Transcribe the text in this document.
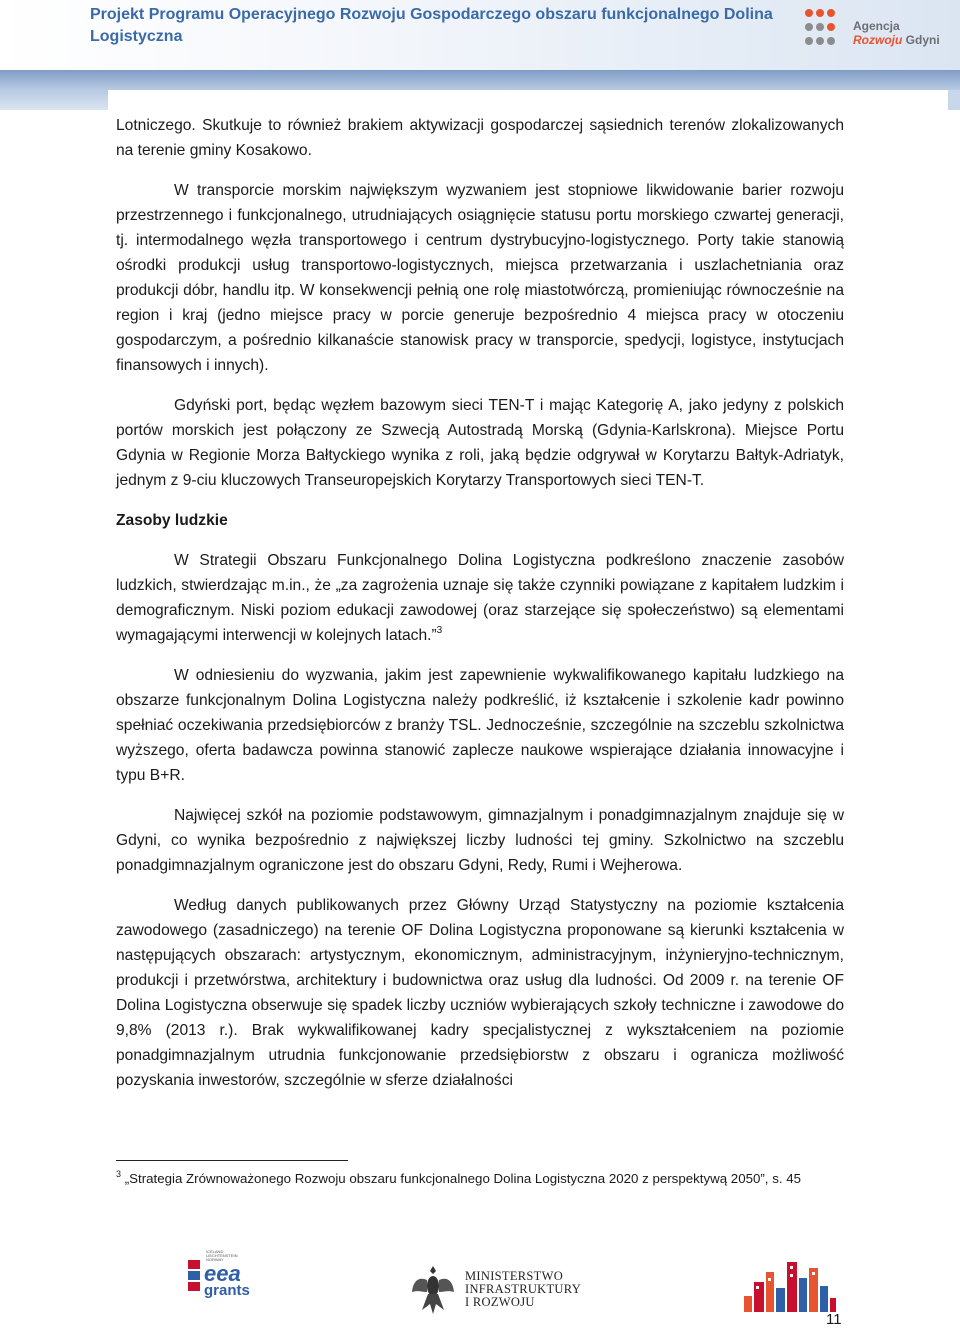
Projekt Programu Operacyjnego Rozwoju Gospodarczego obszaru funkcjonalnego Dolina Logistyczna
Agencja
Rozwoju Gdyni

Lotniczego. Skutkuje to również brakiem aktywizacji gospodarczej sąsiednich terenów zlokalizowanych na terenie gminy Kosakowo.

W transporcie morskim największym wyzwaniem jest stopniowe likwidowanie barier rozwoju przestrzennego i funkcjonalnego, utrudniających osiągnięcie statusu portu morskiego czwartej generacji, tj. intermodalnego węzła transportowego i centrum dystrybucyjno-logistycznego. Porty takie stanowią ośrodki produkcji usług transportowo-logistycznych, miejsca przetwarzania i uszlachetniania oraz produkcji dóbr, handlu itp. W konsekwencji pełnią one rolę miastotwórczą, promieniując równocześnie na region i kraj (jedno miejsce pracy w porcie generuje bezpośrednio 4 miejsca pracy w otoczeniu gospodarczym, a pośrednio kilkanaście stanowisk pracy w transporcie, spedycji, logistyce, instytucjach finansowych i innych).

Gdyński port, będąc węzłem bazowym sieci TEN-T i mając Kategorię A, jako jedyny z polskich portów morskich jest połączony ze Szwecją Autostradą Morską (Gdynia-Karlskrona). Miejsce Portu Gdynia w Regionie Morza Bałtyckiego wynika z roli, jaką będzie odgrywał w Korytarzu Bałtyk-Adriatyk, jednym z 9-ciu kluczowych Transeuropejskich Korytarzy Transportowych sieci TEN-T.

Zasoby ludzkie

W Strategii Obszaru Funkcjonalnego Dolina Logistyczna podkreślono znaczenie zasobów ludzkich, stwierdzając m.in., że „za zagrożenia uznaje się także czynniki powiązane z kapitałem ludzkim i demograficznym. Niski poziom edukacji zawodowej (oraz starzejące się społeczeństwo) są elementami wymagającymi interwencji w kolejnych latach.”$^3$

W odniesieniu do wyzwania, jakim jest zapewnienie wykwalifikowanego kapitału ludzkiego na obszarze funkcjonalnym Dolina Logistyczna należy podkreślić, iż kształcenie i szkolenie kadr powinno spełniać oczekiwania przedsiębiorców z branży TSL. Jednocześnie, szczególnie na szczeblu szkolnictwa wyższego, oferta badawcza powinna stanowić zaplecze naukowe wspierające działania innowacyjne i typu B+R.

Najwięcej szkół na poziomie podstawowym, gimnazjalnym i ponadgimnazjalnym znajduje się w Gdyni, co wynika bezpośrednio z największej liczby ludności tej gminy. Szkolnictwo na szczeblu ponadgimnazjalnym ograniczone jest do obszaru Gdyni, Redy, Rumi i Wejherowa.

Według danych publikowanych przez Główny Urząd Statystyczny na poziomie kształcenia zawodowego (zasadniczego) na terenie OF Dolina Logistyczna proponowane są kierunki kształcenia w następujących obszarach: artystycznym, ekonomicznym, administracyjnym, inżynieryjno-technicznym, produkcji i przetwórstwa, architektury i budownictwa oraz usług dla ludności. Od 2009 r. na terenie OF Dolina Logistyczna obserwuje się spadek liczby uczniów wybierających szkoły techniczne i zawodowe do 9,8% (2013 r.). Brak wykwalifikowanej kadry specjalistycznej z wykształceniem na poziomie ponadgimnazjalnym utrudnia funkcjonowanie przedsiębiorstw z obszaru i ogranicza możliwość pozyskania inwestorów, szczególnie w sferze działalności

$^3$ „Strategia Zrównoważonego Rozwoju obszaru funkcjonalnego Dolina Logistyczna 2020 z perspektywą 2050”, s. 45
ICELAND LIECHTENSTEIN NORWAY
eea
grants
MINISTERSTWO
INFRASTRUKTURY
I ROZWOJU
11
